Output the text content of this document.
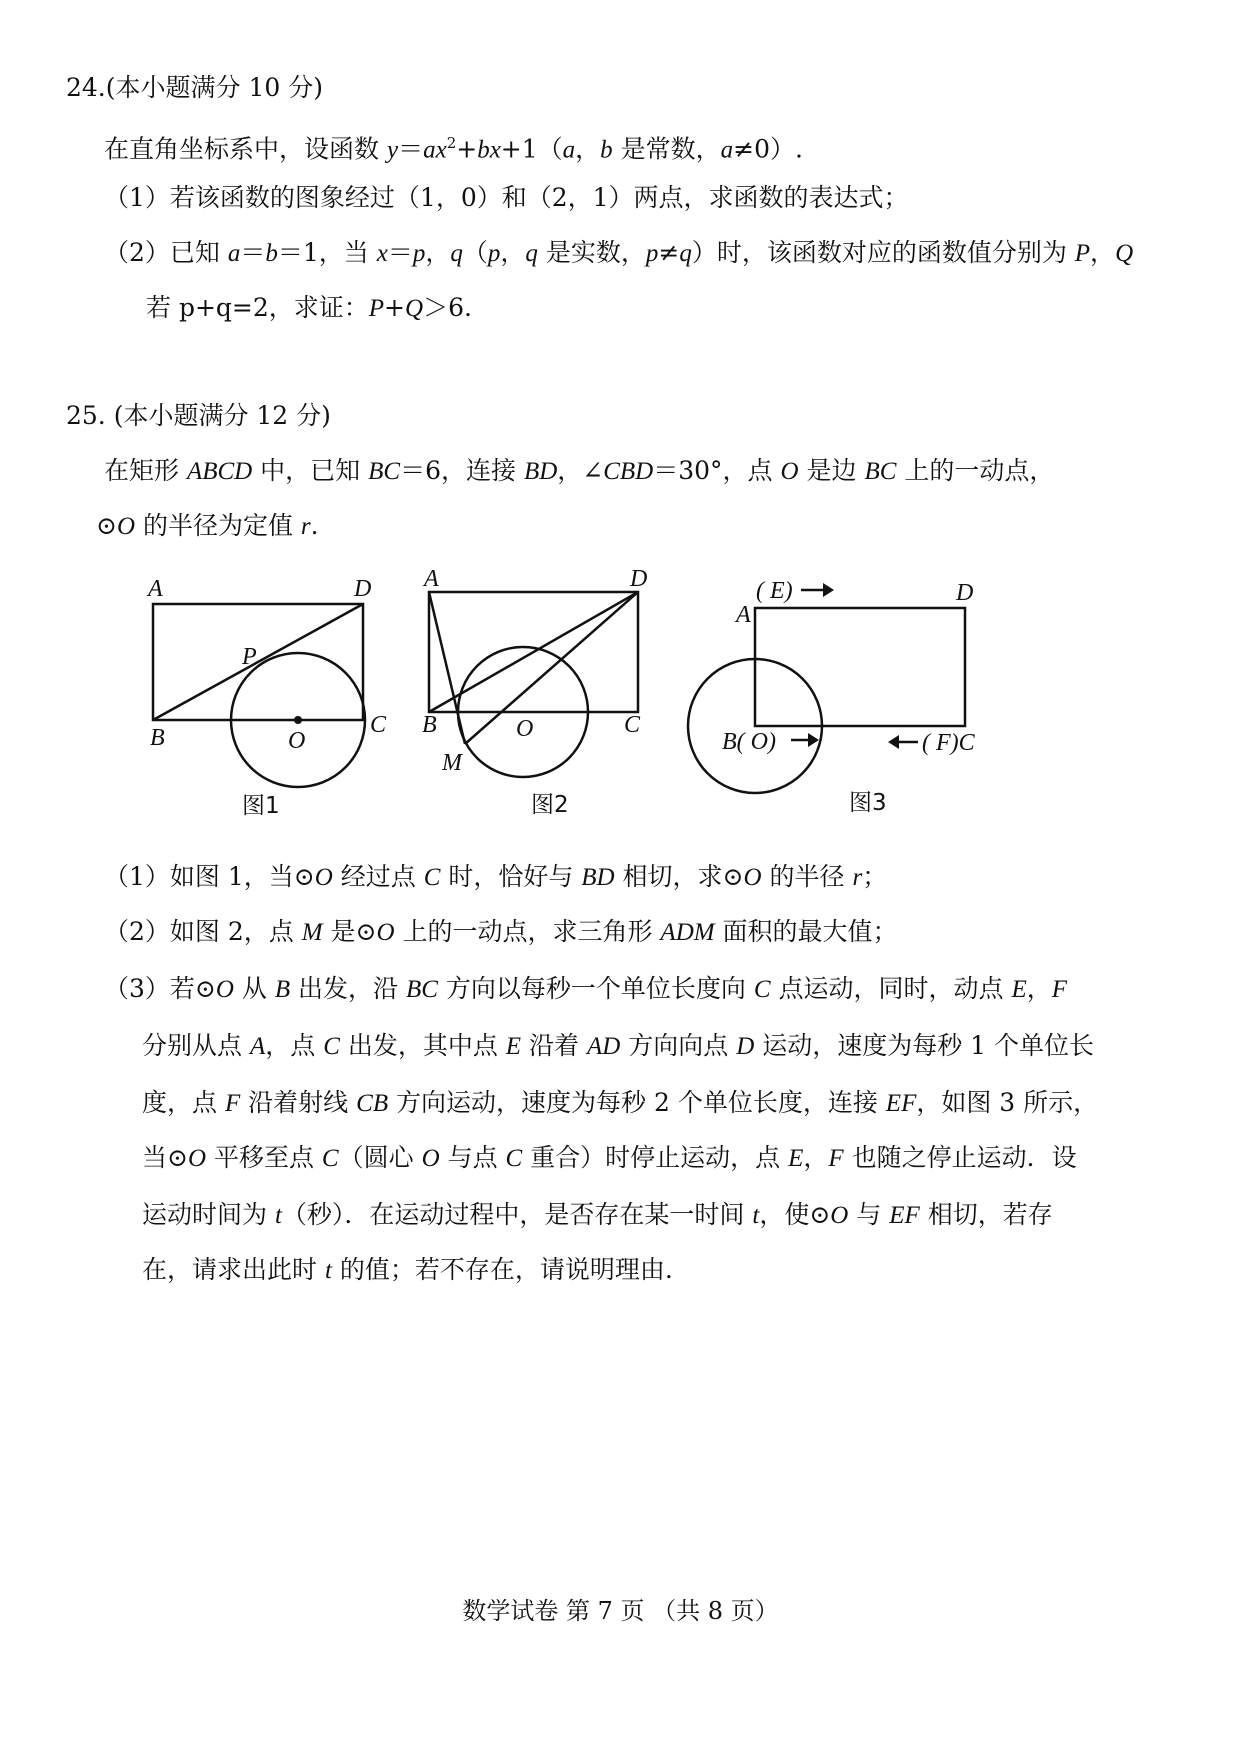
24.(本小题满分 10 分)
在直角坐标系中，设函数 $y=ax^2+bx+1(a$，b 是常数，a≠0）.
（1）若该函数的图象经过（1，0）和（2，1）两点，求函数的表达式；
（2）已知 a＝b＝1，当 x＝p，q（p，q 是实数，p≠q）时，该函数对应的函数值分别为 P，Q
若 p+q=2，求证：P+Q＞6.
25. (本小题满分 12 分)
在矩形 ABCD 中，已知 BC＝6，连接 BD，∠CBD＝30°，点 O 是边 BC 上的一动点，
⊙O 的半径为定值 r.
A	D
P
B	O
C
图1
A	D
B	O	C
M
图2
( E)	D
A
B( O)	( F)C
图3
（1）如图 1，当⊙O 经过点 C 时，恰好与 BD 相切，求⊙O 的半径 r；
（2）如图 2，点 M 是⊙O 上的一动点，求三角形 ADM 面积的最大值；
（3）若⊙O 从 B 出发，沿 BC 方向以每秒一个单位长度向 C 点运动，同时，动点 E，F
分别从点 A，点 C 出发，其中点 E 沿着 AD 方向向点 D 运动，速度为每秒 1 个单位长
度，点 F 沿着射线 CB 方向运动，速度为每秒 2 个单位长度，连接 EF，如图 3 所示，
当⊙O 平移至点 C（圆心 O 与点 C 重合）时停止运动，点 E，F 也随之停止运动．设
运动时间为 t（秒）．在运动过程中，是否存在某一时间 t，使⊙O 与 EF 相切，若存
在，请求出此时 t 的值；若不存在，请说明理由.
数学试卷 第 7 页 （共 8 页）
